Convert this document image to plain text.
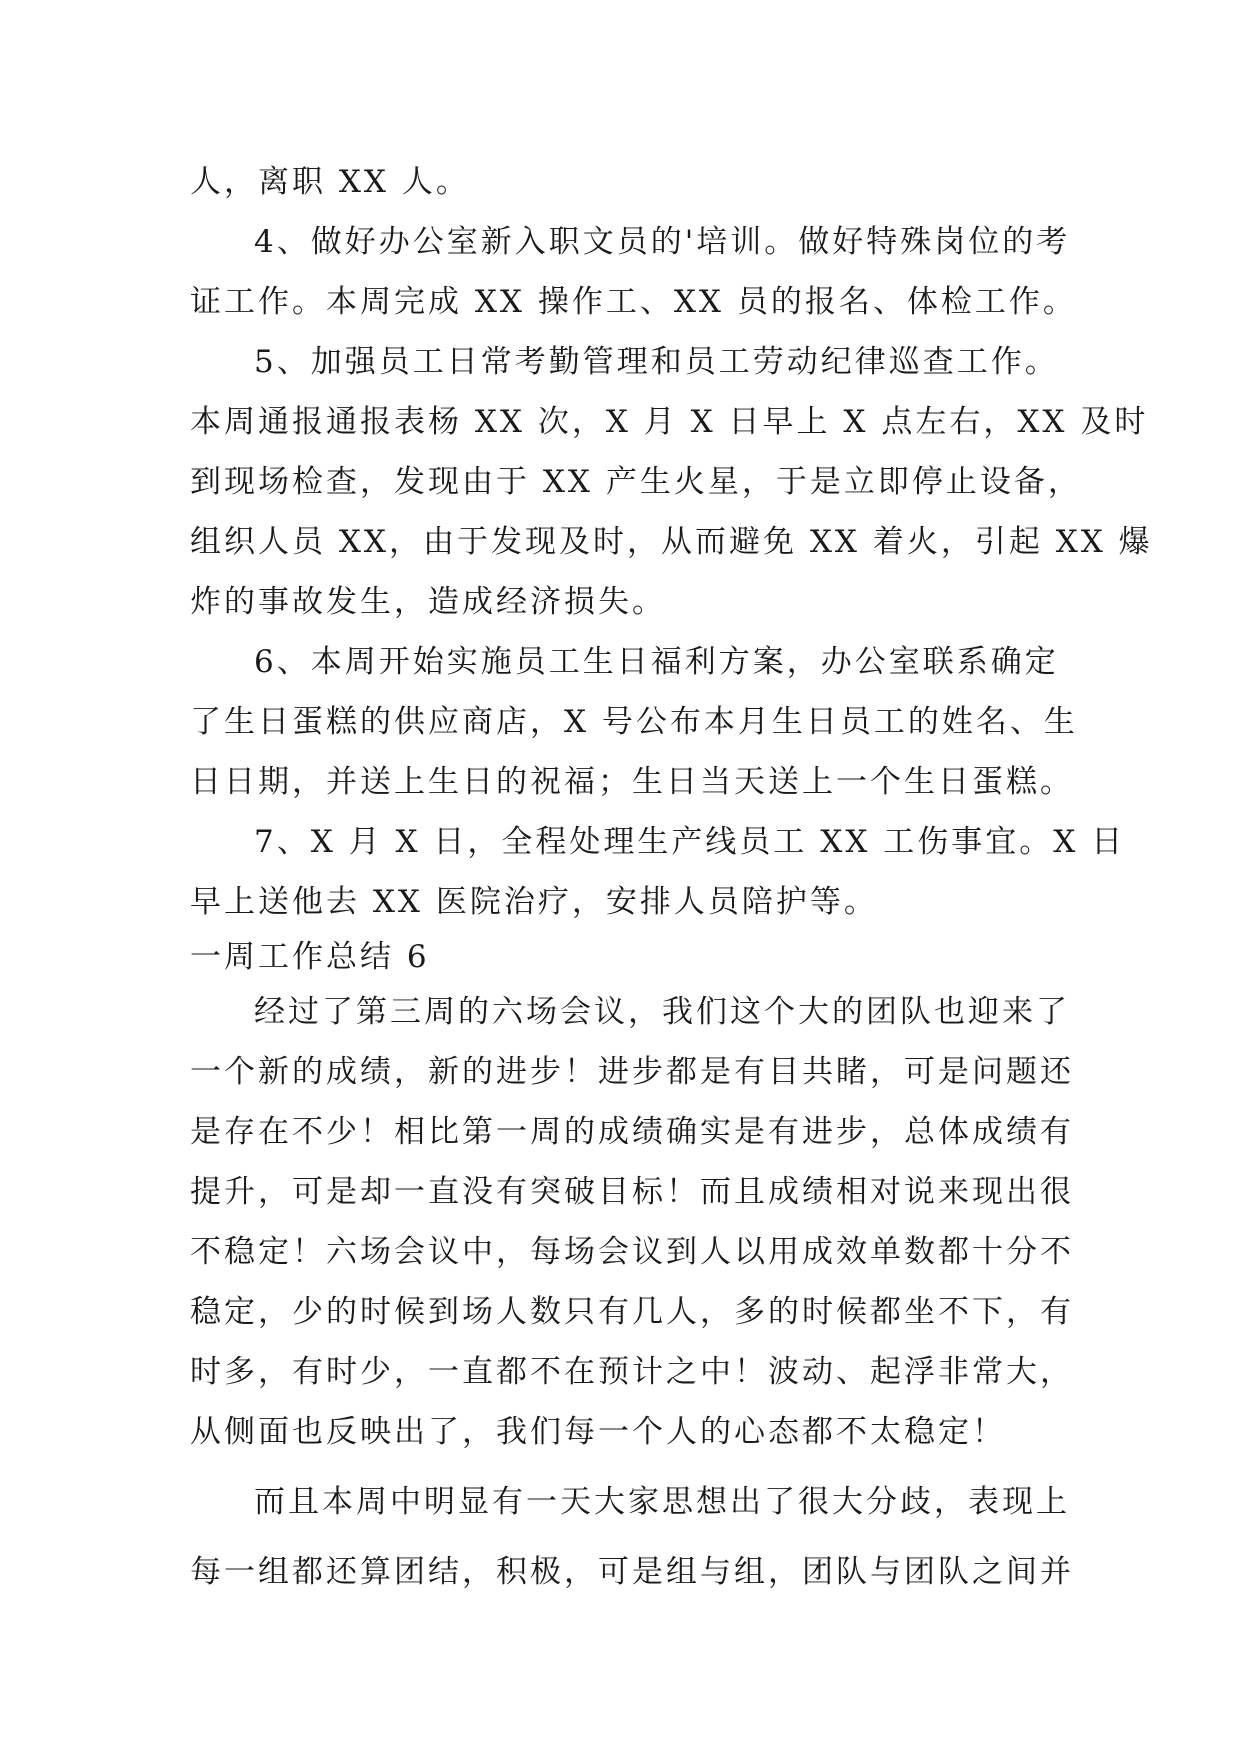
人，离职 XX 人。
4、做好办公室新入职文员的'培训。做好特殊岗位的考
证工作。本周完成 XX 操作工、XX 员的报名、体检工作。
5、加强员工日常考勤管理和员工劳动纪律巡查工作。
本周通报通报表杨 XX 次，X 月 X 日早上 X 点左右，XX 及时
到现场检查，发现由于 XX 产生火星，于是立即停止设备，
组织人员 XX，由于发现及时，从而避免 XX 着火，引起 XX 爆
炸的事故发生，造成经济损失。
6、本周开始实施员工生日福利方案，办公室联系确定
了生日蛋糕的供应商店，X 号公布本月生日员工的姓名、生
日日期，并送上生日的祝福；生日当天送上一个生日蛋糕。
7、X 月 X 日，全程处理生产线员工 XX 工伤事宜。X 日
早上送他去 XX 医院治疗，安排人员陪护等。
一周工作总结 6
经过了第三周的六场会议，我们这个大的团队也迎来了
一个新的成绩，新的进步！进步都是有目共睹，可是问题还
是存在不少！相比第一周的成绩确实是有进步，总体成绩有
提升，可是却一直没有突破目标！而且成绩相对说来现出很
不稳定！六场会议中，每场会议到人以用成效单数都十分不
稳定，少的时候到场人数只有几人，多的时候都坐不下，有
时多，有时少，一直都不在预计之中！波动、起浮非常大，
从侧面也反映出了，我们每一个人的心态都不太稳定！
而且本周中明显有一天大家思想出了很大分歧，表现上
每一组都还算团结，积极，可是组与组，团队与团队之间并
